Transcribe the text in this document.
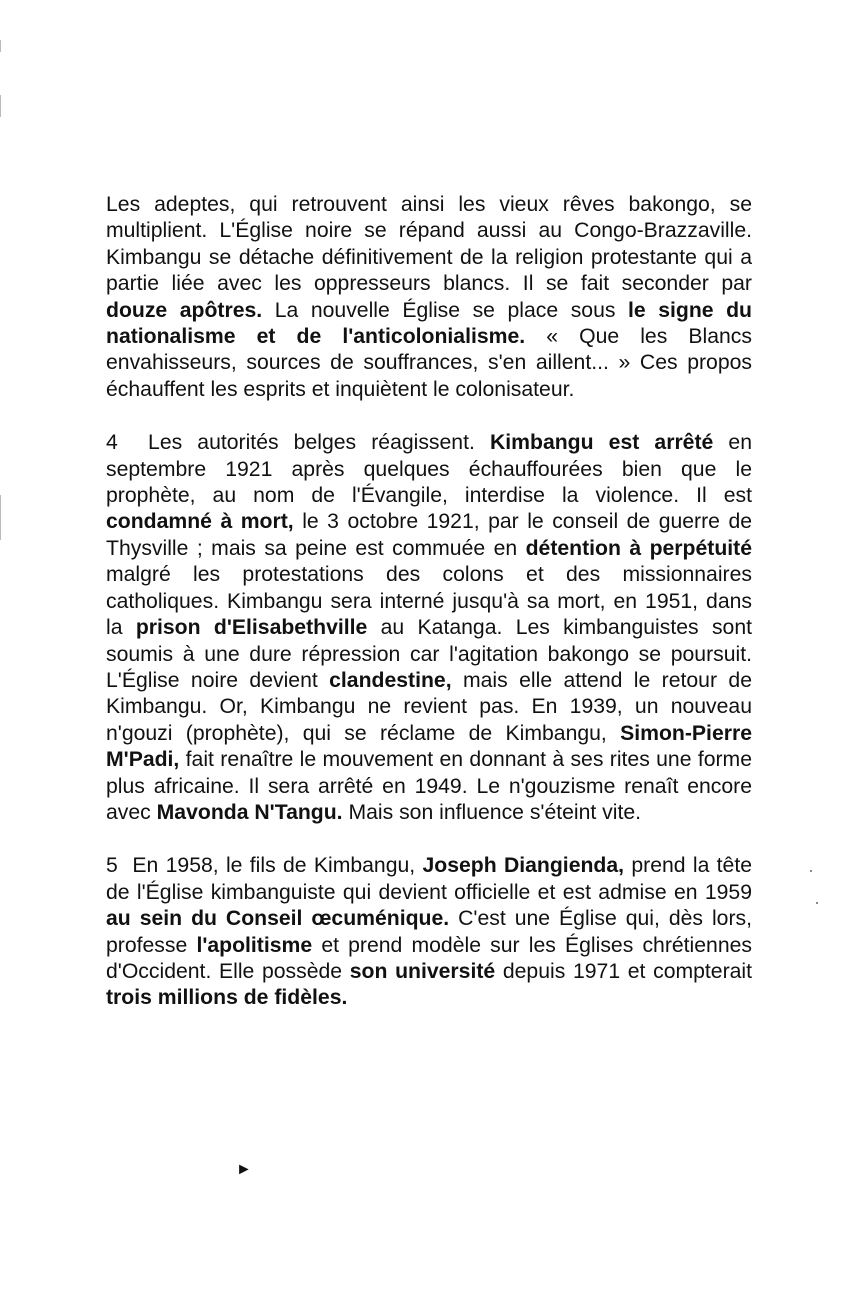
Les adeptes, qui retrouvent ainsi les vieux rêves bakongo, se multiplient. L'Église noire se répand aussi au Congo-Brazzaville. Kimbangu se détache définitivement de la religion protestante qui a partie liée avec les oppresseurs blancs. Il se fait seconder par douze apôtres. La nouvelle Église se place sous le signe du nationalisme et de l'anticolonialisme. « Que les Blancs envahisseurs, sources de souffrances, s'en aillent... » Ces propos échauffent les esprits et inquiètent le colonisateur.

4 Les autorités belges réagissent. Kimbangu est arrêté en septembre 1921 après quelques échauffourées bien que le prophète, au nom de l'Évangile, interdise la violence. Il est condamné à mort, le 3 octobre 1921, par le conseil de guerre de Thysville ; mais sa peine est commuée en détention à perpétuité malgré les protestations des colons et des missionnaires catholiques. Kimbangu sera interné jusqu'à sa mort, en 1951, dans la prison d'Elisabethville au Katanga. Les kimbanguistes sont soumis à une dure répression car l'agitation bakongo se poursuit. L'Église noire devient clandestine, mais elle attend le retour de Kimbangu. Or, Kimbangu ne revient pas. En 1939, un nouveau n'gouzi (prophète), qui se réclame de Kimbangu, Simon-Pierre M'Padi, fait renaître le mouvement en donnant à ses rites une forme plus africaine. Il sera arrêté en 1949. Le n'gouzisme renaît encore avec Mavonda N'Tangu. Mais son influence s'éteint vite.

5 En 1958, le fils de Kimbangu, Joseph Diangienda, prend la tête de l'Église kimbanguiste qui devient officielle et est admise en 1959 au sein du Conseil œcuménique. C'est une Église qui, dès lors, professe l'apolitisme et prend modèle sur les Églises chrétiennes d'Occident. Elle possède son université depuis 1971 et compterait trois millions de fidèles.

►
